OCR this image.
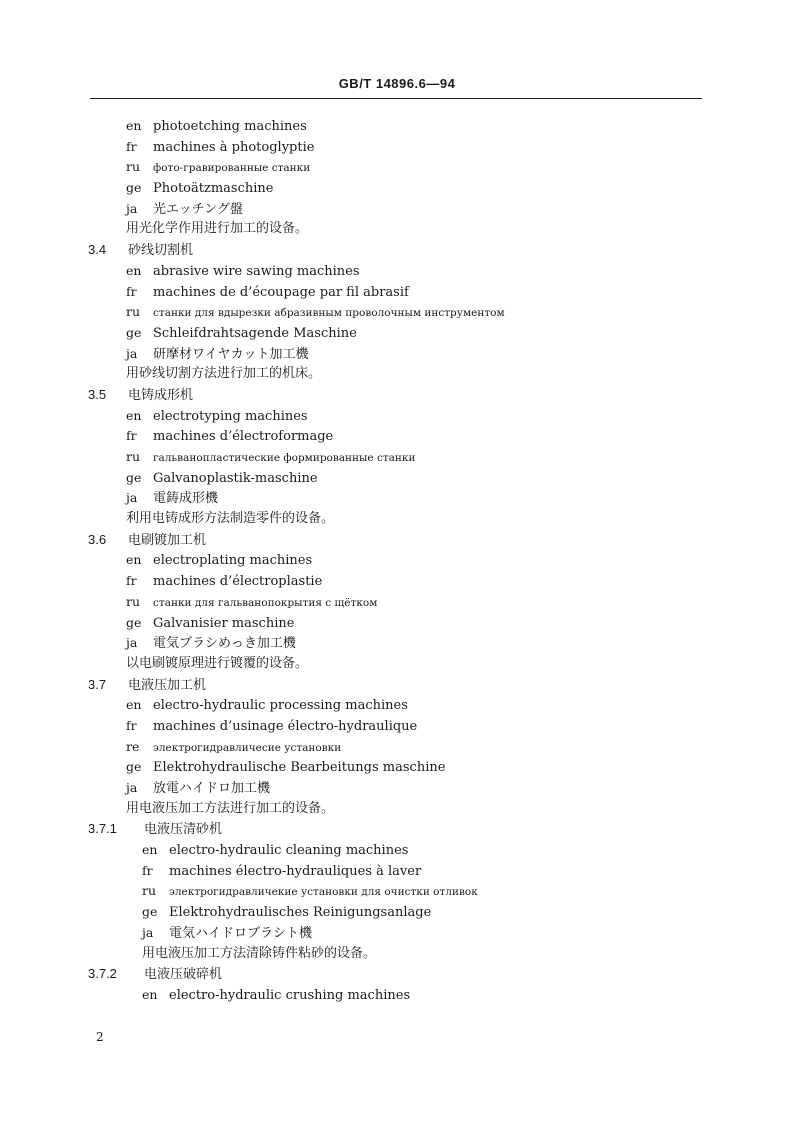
GB/T 14896.6—94
en photoetching machines
fr machines à photoglyptie
ru фото-гравированные станки
ge Photoätzmaschine
ja 光エッチング盤
用光化学作用进行加工的设备。
3.4 砂线切割机
en abrasive wire sawing machines
fr machines de d’écoupage par fil abrasif
ru станки для вдырезки абразивным проволочным инструментом
ge Schleifdrahtsagende Maschine
ja 研摩材ワイヤカット加工機
用砂线切割方法进行加工的机床。
3.5 电铸成形机
en electrotyping machines
fr machines d’électroformage
ru гальванопластические формированные станки
ge Galvanoplastik-maschine
ja 電鋳成形機
利用电铸成形方法制造零件的设备。
3.6 电刷镀加工机
en electroplating machines
fr machines d’électroplastie
ru станки для гальванопокрытия с щётком
ge Galvanisier maschine
ja 電気ブラシめっき加工機
以电刷镀原理进行镀覆的设备。
3.7 电液压加工机
en electro-hydraulic processing machines
fr machines d’usinage électro-hydraulique
re электрогидравличесие установки
ge Elektrohydraulische Bearbeitungs maschine
ja 放電ハイドロ加工機
用电液压加工方法进行加工的设备。
3.7.1 电液压清砂机
en electro-hydraulic cleaning machines
fr machines électro-hydrauliques à laver
ru электрогидравличекие установки для очистки отливок
ge Elektrohydraulisches Reinigungsanlage
ja 電気ハイドロブラシト機
用电液压加工方法清除铸件粘砂的设备。
3.7.2 电液压破碎机
en electro-hydraulic crushing machines
2
